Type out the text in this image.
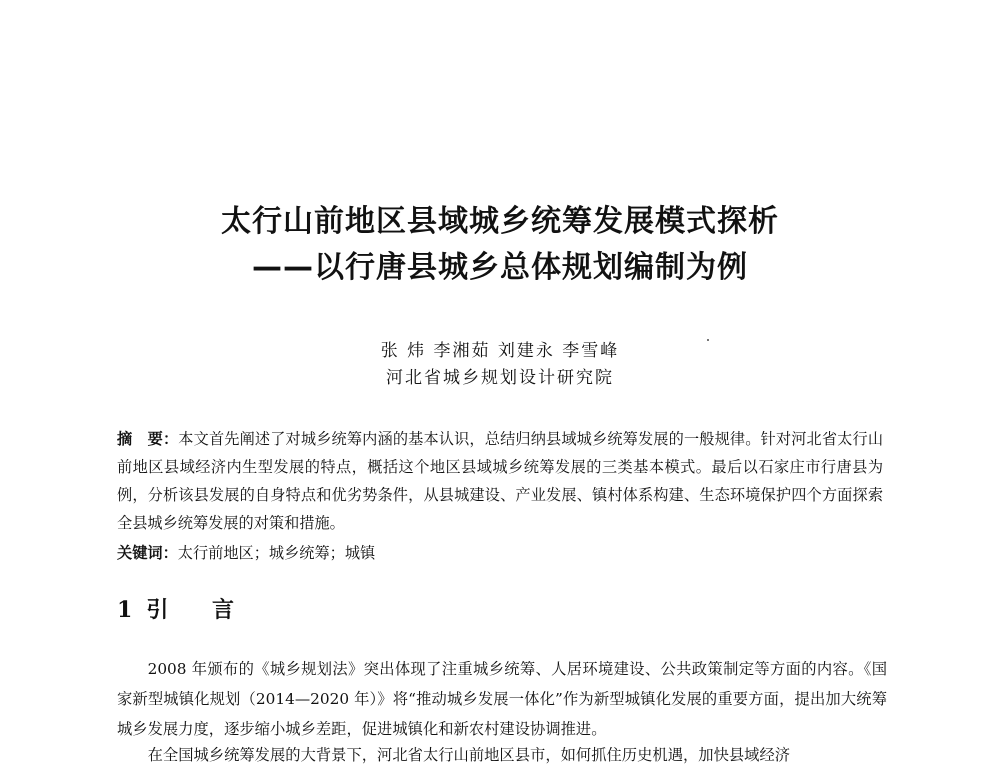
太行山前地区县域城乡统筹发展模式探析
——以行唐县城乡总体规划编制为例
张 炜 李湘茹 刘建永 李雪峰
河北省城乡规划设计研究院
摘　要：本文首先阐述了对城乡统筹内涵的基本认识，总结归纳县域城乡统筹发展的一般规律。针对河北省太行山前地区县域经济内生型发展的特点，概括这个地区县域城乡统筹发展的三类基本模式。最后以石家庄市行唐县为例，分析该县发展的自身特点和优劣势条件，从县城建设、产业发展、镇村体系构建、生态环境保护四个方面探索全县城乡统筹发展的对策和措施。
关键词：太行前地区；城乡统筹；城镇
1 引 言
2008 年颁布的《城乡规划法》突出体现了注重城乡统筹、人居环境建设、公共政策制定等方面的内容。《国家新型城镇化规划（2014—2020 年）》将“推动城乡发展一体化”作为新型城镇化发展的重要方面，提出加大统筹城乡发展力度，逐步缩小城乡差距，促进城镇化和新农村建设协调推进。
在全国城乡统筹发展的大背景下，河北省太行山前地区县市，如何抓住历史机遇，加快县域经济
